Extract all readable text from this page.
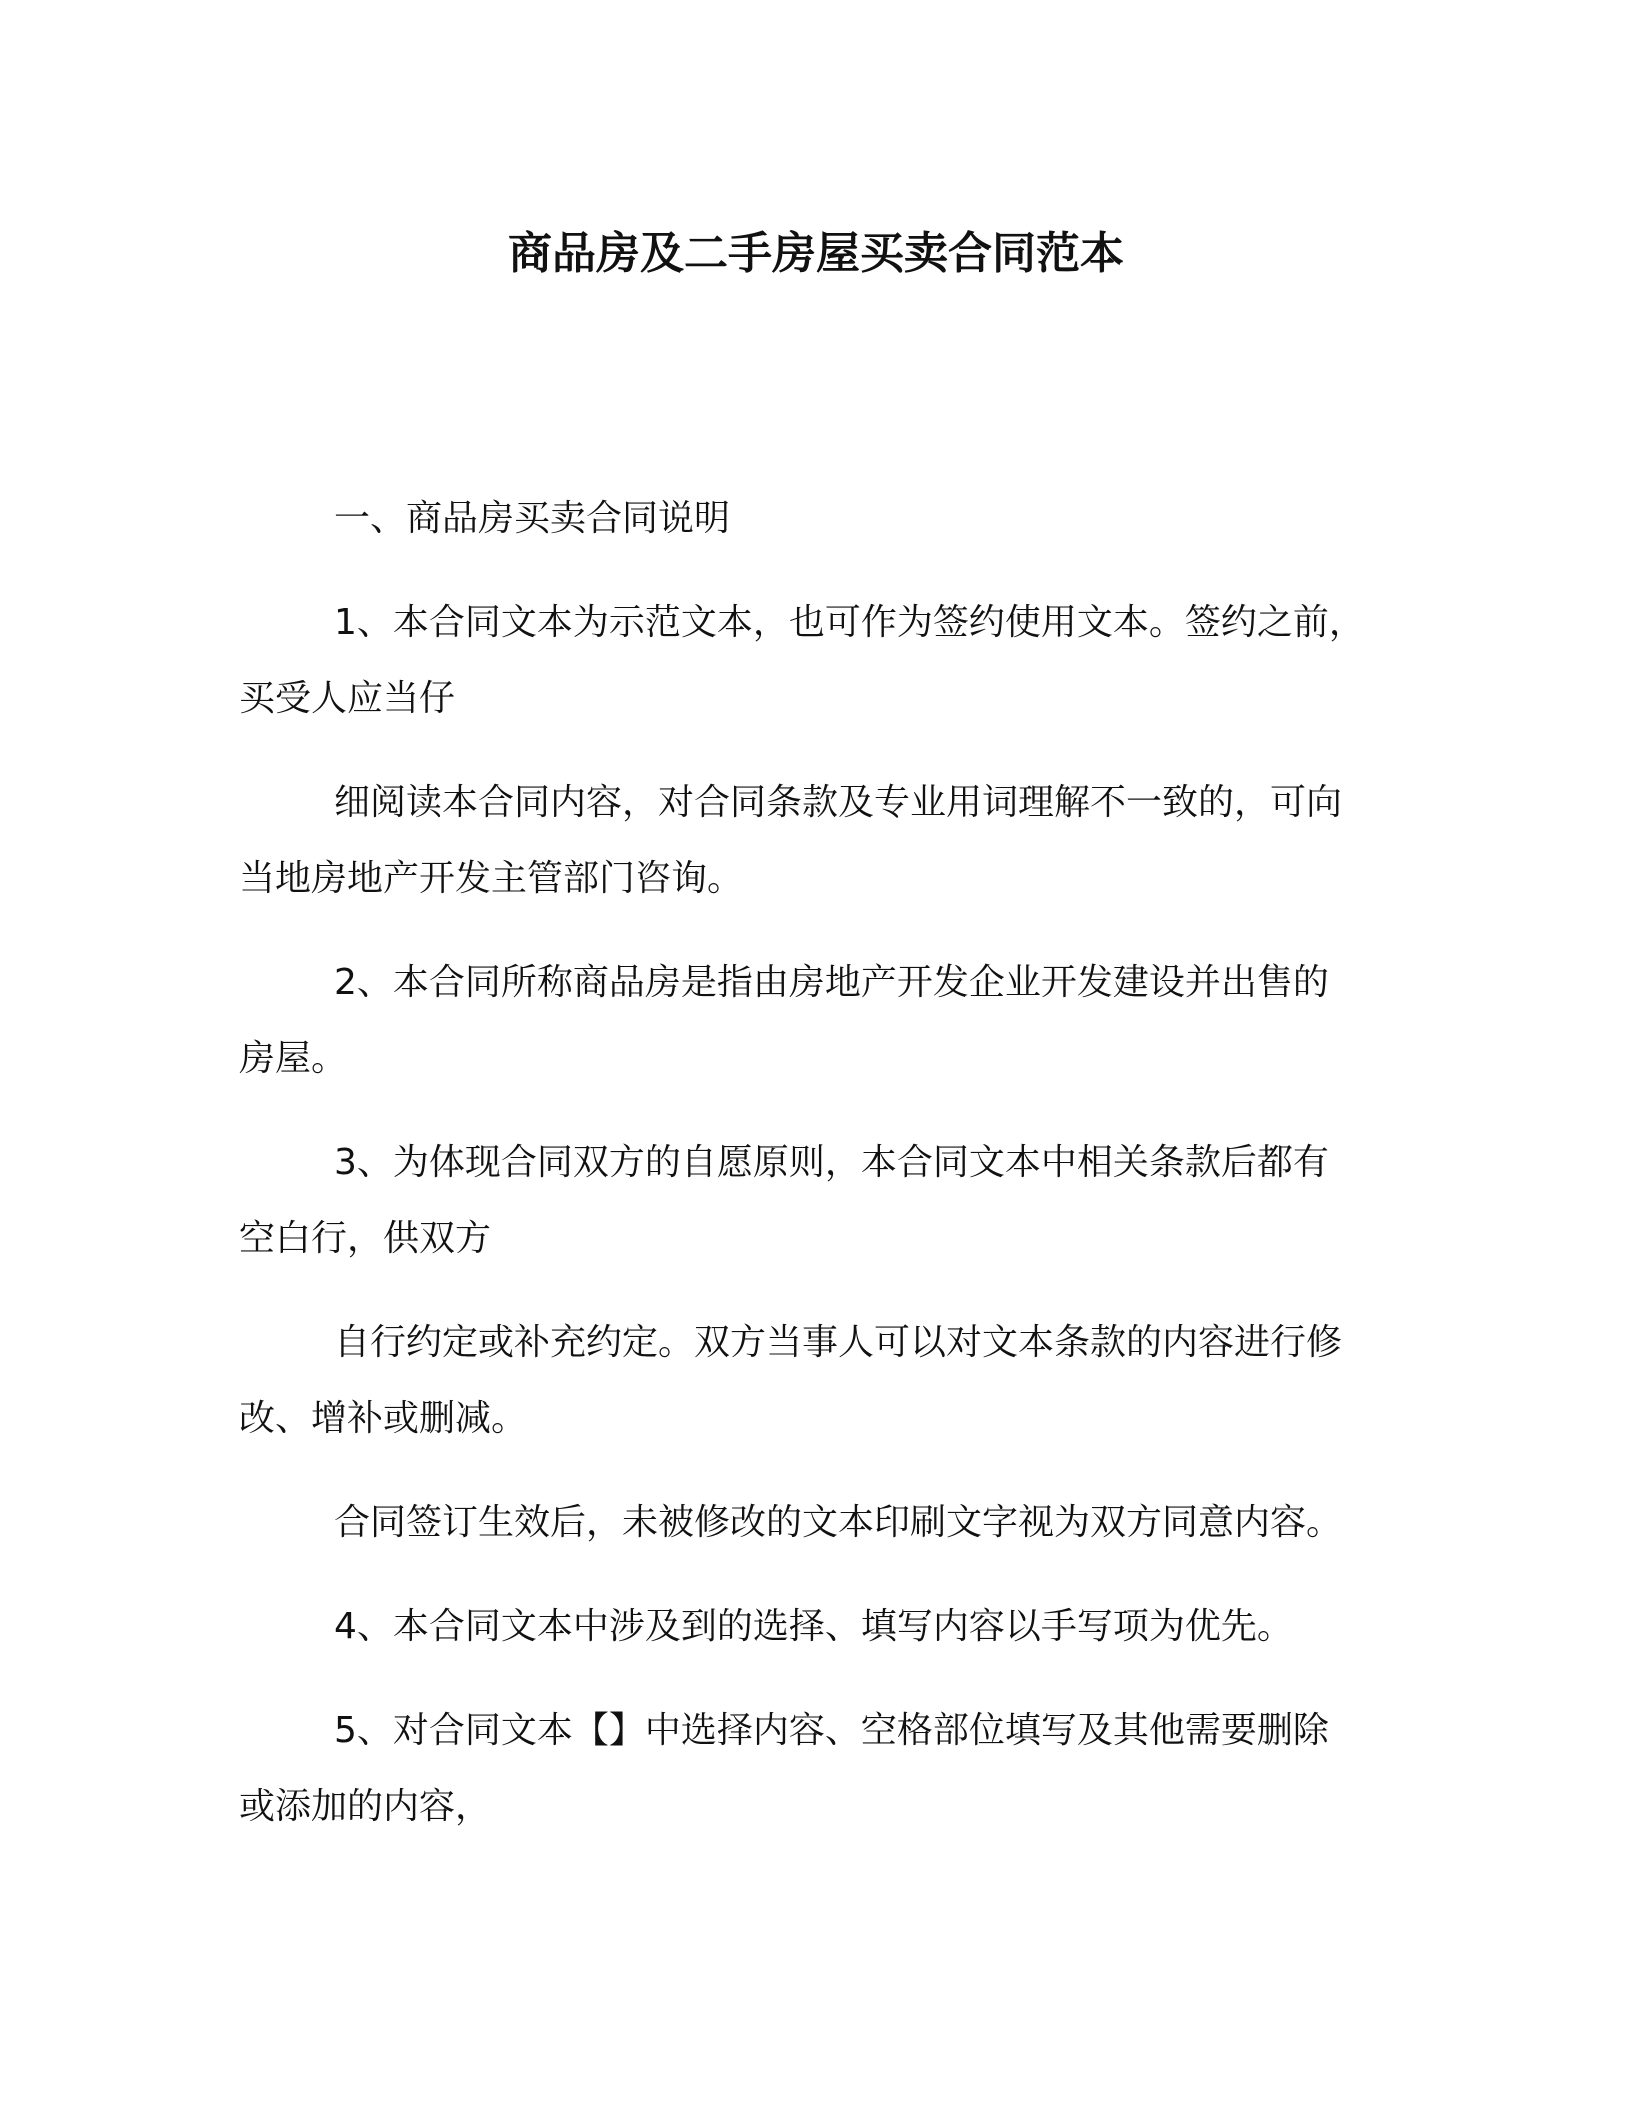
商品房及二手房屋买卖合同范本
一、商品房买卖合同说明
1、本合同文本为示范文本，也可作为签约使用文本。签约之前，
买受人应当仔
细阅读本合同内容，对合同条款及专业用词理解不一致的，可向
当地房地产开发主管部门咨询。
2、本合同所称商品房是指由房地产开发企业开发建设并出售的
房屋。
3、为体现合同双方的自愿原则，本合同文本中相关条款后都有
空白行，供双方
自行约定或补充约定。双方当事人可以对文本条款的内容进行修
改、增补或删减。
合同签订生效后，未被修改的文本印刷文字视为双方同意内容。
4、本合同文本中涉及到的选择、填写内容以手写项为优先。
5、对合同文本【】中选择内容、空格部位填写及其他需要删除
或添加的内容，
